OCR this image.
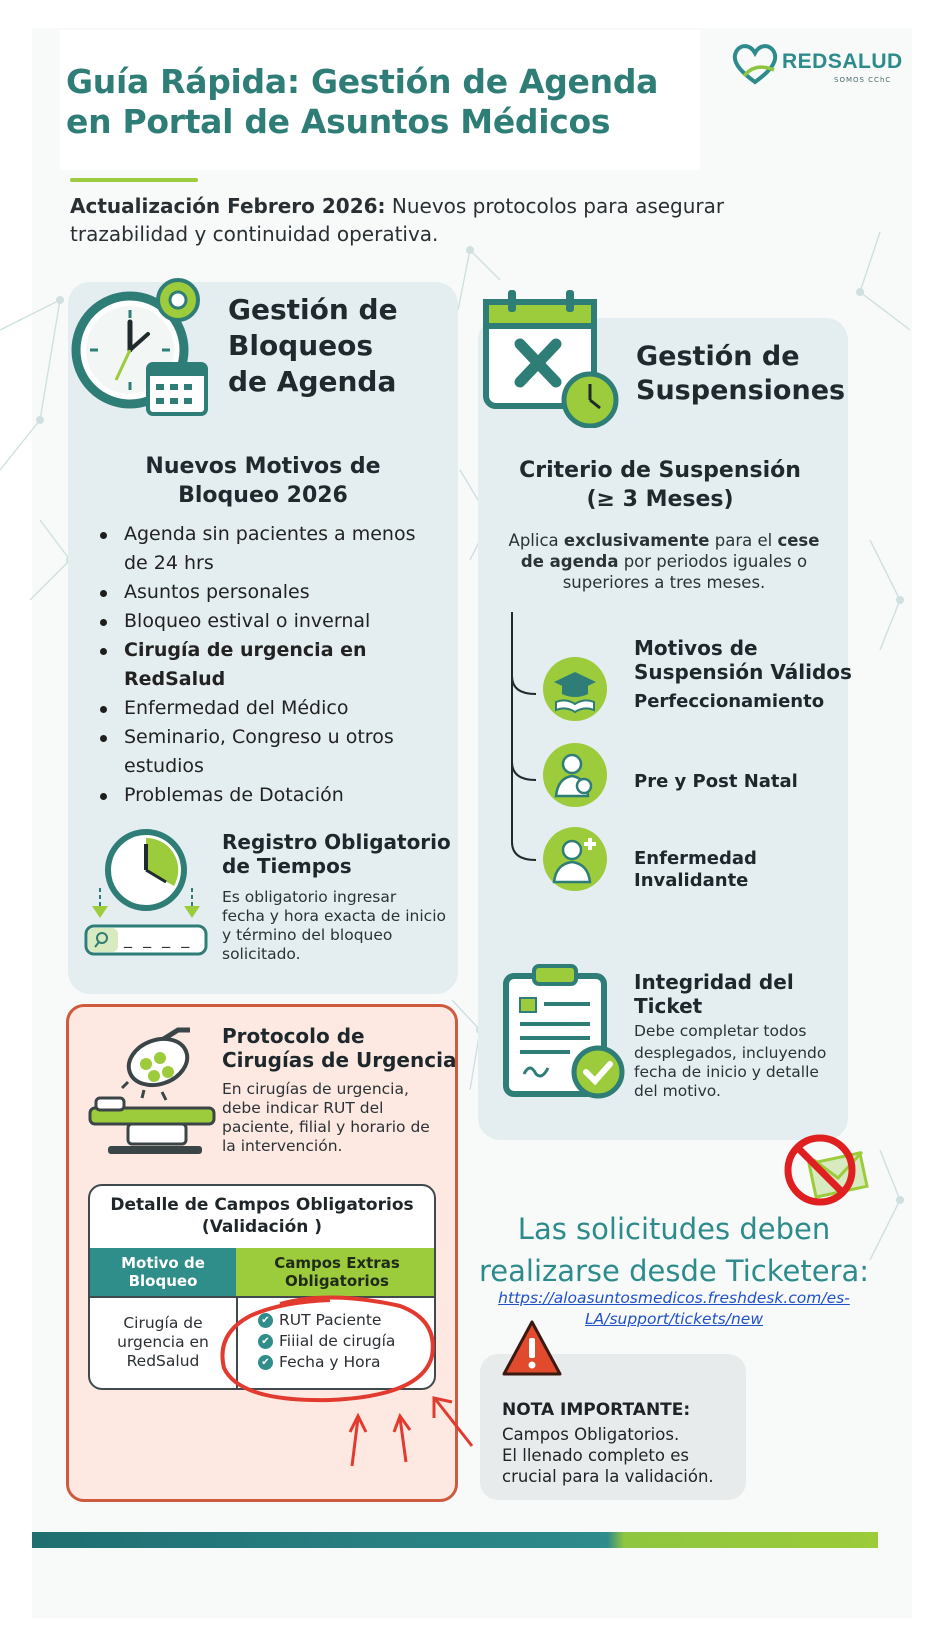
Guía Rápida: Gestión de Agenda
en Portal de Asuntos Médicos
REDSALUD
SOMOS CChC
Actualización Febrero 2026: Nuevos protocolos para asegurar trazabilidad y continuidad operativa.
Gestión de
Bloqueos
de Agenda
Nuevos Motivos de
Bloqueo 2026
Agenda sin pacientes a menos
de 24 hrs
Asuntos personales
Bloqueo estival o invernal
Cirugía de urgencia en
RedSalud
Enfermedad del Médico
Seminario, Congreso u otros
estudios
Problemas de Dotación
_ _ _ _
Registro Obligatorio
de Tiempos
Es obligatorio ingresar
fecha y hora exacta de inicio
y término del bloqueo
solicitado.
Gestión de
Suspensiones
Criterio de Suspensión
(≥ 3 Meses)
Aplica exclusivamente para el cese
de agenda por periodos iguales o
superiores a tres meses.
Motivos de
Suspensión Válidos
Perfeccionamiento
Pre y Post Natal
Enfermedad
Invalidante
Integridad del
Ticket
Debe completar todos
desplegados, incluyendo
fecha de inicio y detalle
del motivo.
Protocolo de
Cirugías de Urgencia
En cirugías de urgencia,
debe indicar RUT del
paciente, filial y horario de
la intervención.
Detalle de Campos Obligatorios
(Validación )
Motivo de
Bloqueo
Campos Extras
Obligatorios
Cirugía de
urgencia en
RedSalud
✔ RUT Paciente
✔ Fiiial de cirugía
✔ Fecha y Hora
Las solicitudes deben
realizarse desde Ticketera:
https://aloasuntosmedicos.freshdesk.com/es-
LA/support/tickets/new
NOTA IMPORTANTE:
Campos Obligatorios.
El llenado completo es
crucial para la validación.
